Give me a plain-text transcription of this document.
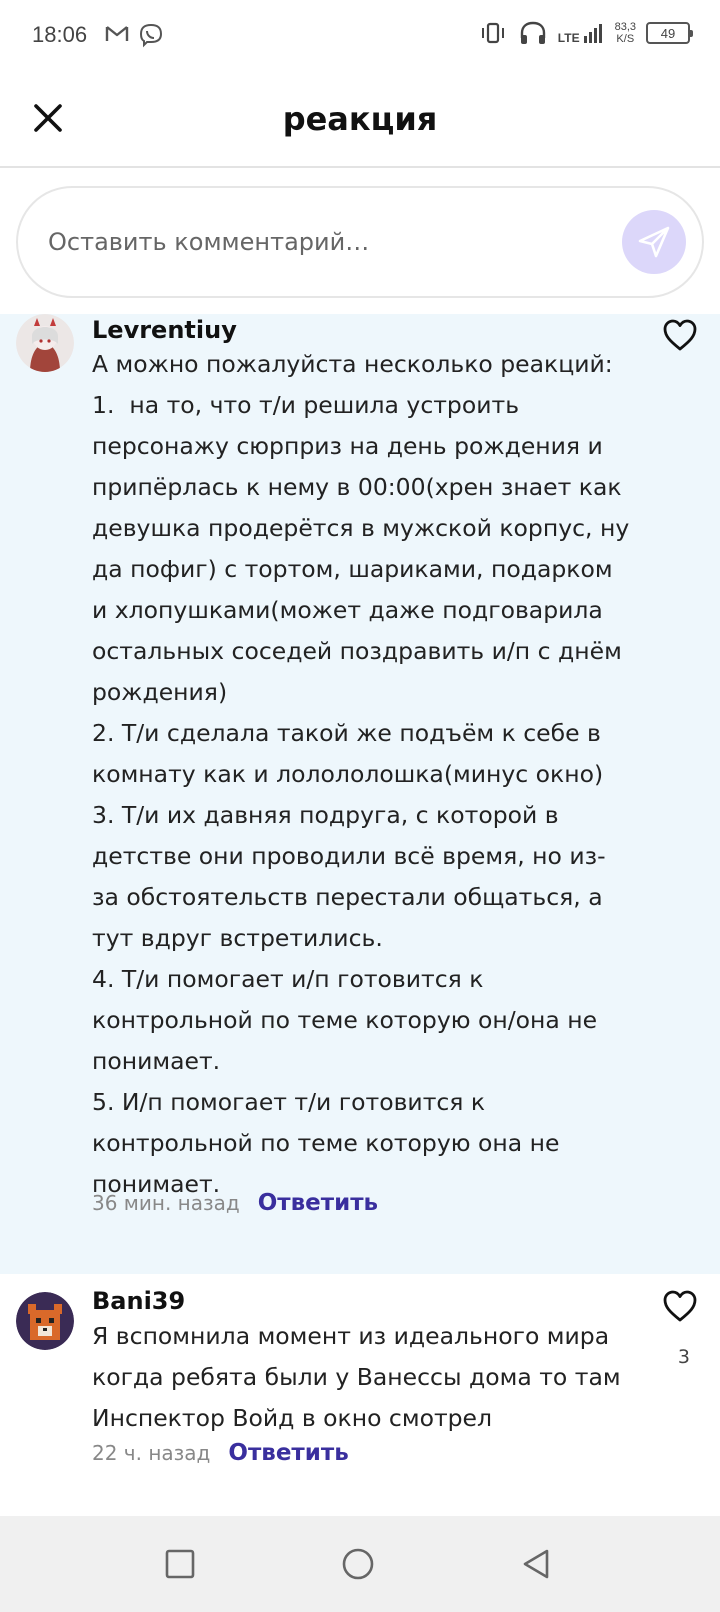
18:06	LTE
83,3
K/S 49
реакция
Оставить комментарий…
Levrentiuy
А можно пожалуйста несколько реакций:
1.  на то, что т/и решила устроить персонажу сюрприз на день рождения и припёрлась к нему в 00:00(хрен знает как девушка продерётся в мужской корпус, ну да пофиг) с тортом, шариками, подарком и хлопушками(может даже подговарила остальных соседей поздравить и/п с днём рождения)
2. Т/и сделала такой же подъём к себе в комнату как и лолололошка(минус окно)
3. Т/и их давняя подруга, с которой в детстве они проводили всё время, но из-за обстоятельств перестали общаться, а тут вдруг встретились.
4. Т/и помогает и/п готовится к контрольной по теме которую он/она не понимает.
5. И/п помогает т/и готовится к контрольной по теме которую она не понимает.
36 мин. назад Ответить
Bani39
3
Я вспомнила момент из идеального мира когда ребята были у Ванессы дома то там Инспектор Войд в окно смотрел
22 ч. назад Ответить
